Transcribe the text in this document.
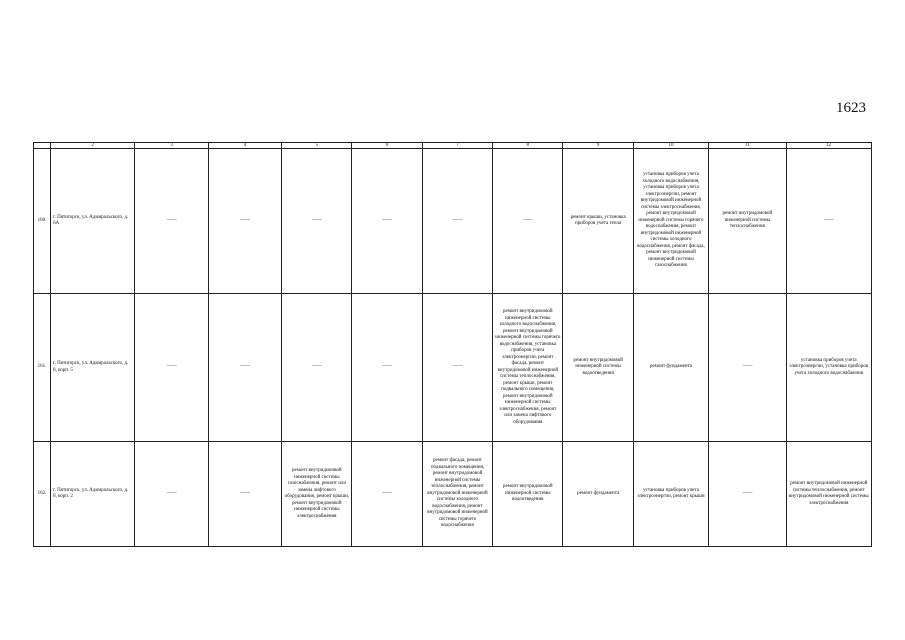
1623
	2	3	4	5	6	7	8	9	10	11	12
160.	г. Пятигорск, ул. Адмиральского, д. 6А	——	——	——	——	——	——	ремонт крыши, установка приборов учета тепла	установка приборов учета холодного водоснабжения, установка приборов учета электроэнергии, ремонт внутридомовой инженерной системы электроснабжения, ремонт внутридомовой инженерной системы горячего водоснабжения, ремонт внутридомовой инженерной системы холодного водоснабжения, ремонт фасада, ремонт внутридомовой инженерной системы газоснабжения	ремонт внутридомовой инженерной системы теплоснабжения	——
161.	г. Пятигорск, ул. Адмиральского, д. 8, корп. 5	——	——	——	——	——	ремонт внутридомовой инженерной системы холодного водоснабжения, ремонт внутридомовой инженерной системы горячего водоснабжения, установка приборов учета электроэнергии, ремонт фасада, ремонт внутридомовой инженерной системы теплоснабжения, ремонт крыши, ремонт подвального помещения, ремонт внутридомовой инженерной системы электроснабжения, ремонт или замена лифтового оборудования	ремонт внутридомовой инженерной системы водоотведения	ремонт фундамента	——	установка приборов учета электроэнергии, установка приборов учета холодного водоснабжения
162.	г. Пятигорск, ул. Адмиральского, д. 8, корп. 2	——	——	ремонт внутридомовой инженерной системы газоснабжения, ремонт или замена лифтового оборудования, ремонт крыши, ремонт внутридомовой инженерной системы электроснабжения	——	ремонт фасада, ремонт подвального помещения, ремонт внутридомовой инженерной системы теплоснабжения, ремонт внутридомовой инженерной системы холодного водоснабжения, ремонт внутридомовой инженерной системы горячего водоснабжения	ремонт внутридомовой инженерной системы водоотведения	ремонт фундамента	установка приборов учета электроэнергии, ремонт крыши	——	ремонт внутридомовой инженерной системы теплоснабжения, ремонт внутридомовой инженерной системы электроснабжения
